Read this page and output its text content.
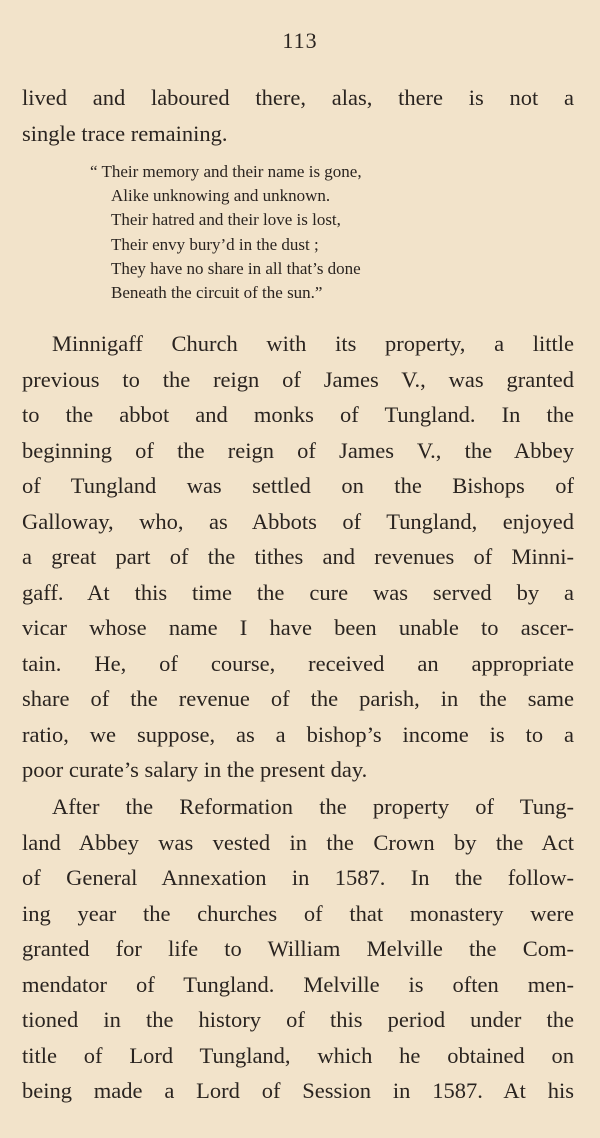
113
lived and laboured there, alas, there is not a
single trace remaining.
“ Their memory and their name is gone,
Alike unknowing and unknown.
Their hatred and their love is lost,
Their envy bury’d in the dust ;
They have no share in all that’s done
Beneath the circuit of the sun.”
Minnigaff Church with its property, a little
previous to the reign of James V., was granted
to the abbot and monks of Tungland. In the
beginning of the reign of James V., the Abbey
of Tungland was settled on the Bishops of
Galloway, who, as Abbots of Tungland, enjoyed
a great part of the tithes and revenues of Minni-
gaff. At this time the cure was served by a
vicar whose name I have been unable to ascer-
tain. He, of course, received an appropriate
share of the revenue of the parish, in the same
ratio, we suppose, as a bishop’s income is to a
poor curate’s salary in the present day.
After the Reformation the property of Tung-
land Abbey was vested in the Crown by the Act
of General Annexation in 1587. In the follow-
ing year the churches of that monastery were
granted for life to William Melville the Com-
mendator of Tungland. Melville is often men-
tioned in the history of this period under the
title of Lord Tungland, which he obtained on
being made a Lord of Session in 1587. At his
